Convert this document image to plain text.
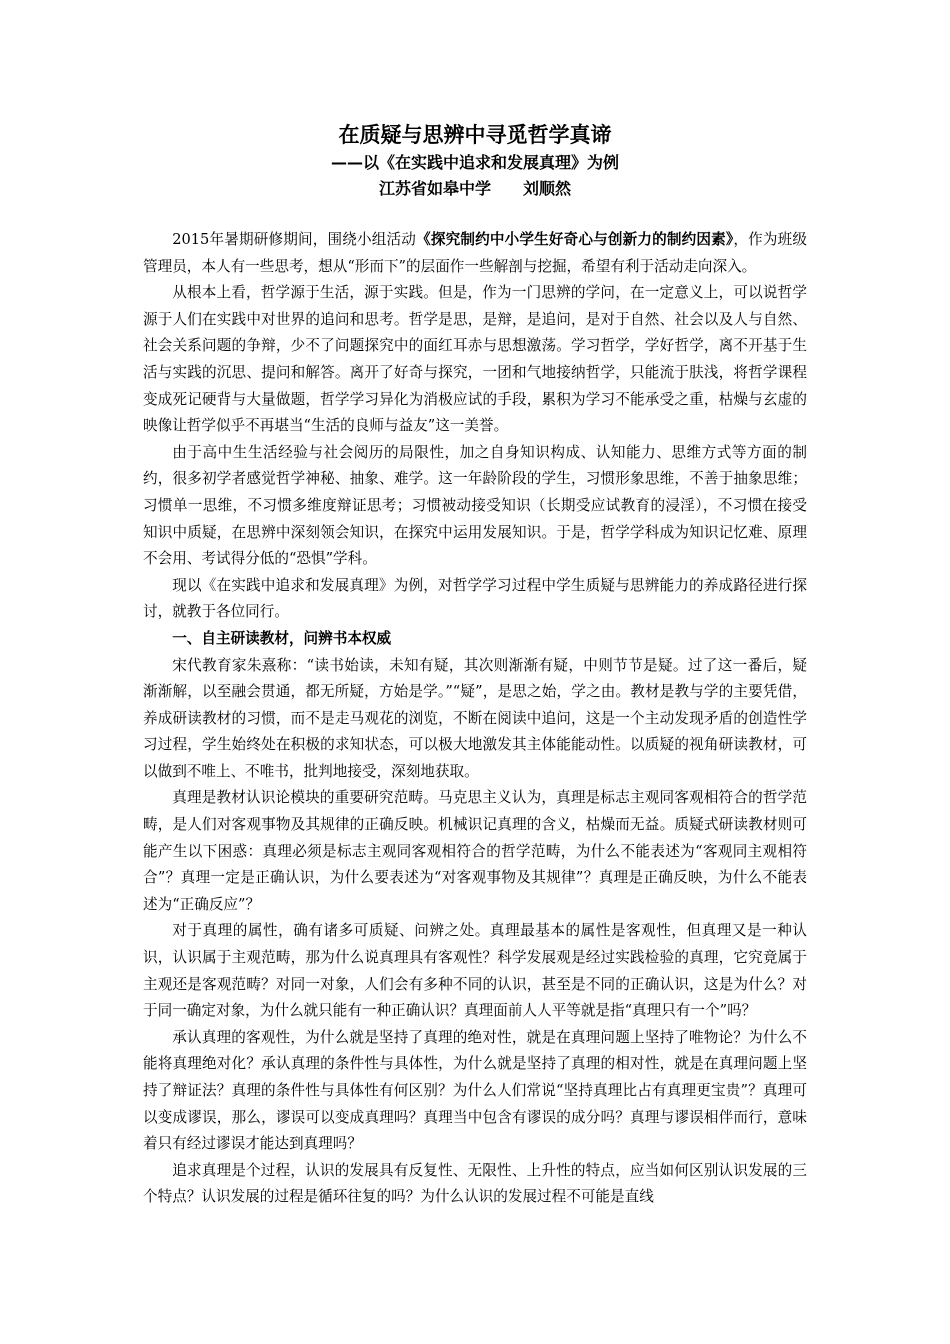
在质疑与思辨中寻觅哲学真谛
——以《在实践中追求和发展真理》为例
江苏省如皋中学　　刘顺然

2015年暑期研修期间，围绕小组活动《探究制约中小学生好奇心与创新力的制约因素》，作为班级管理员，本人有一些思考，想从“形而下”的层面作一些解剖与挖掘，希望有利于活动走向深入。

从根本上看，哲学源于生活，源于实践。但是，作为一门思辨的学问，在一定意义上，可以说哲学源于人们在实践中对世界的追问和思考。哲学是思，是辩，是追问，是对于自然、社会以及人与自然、社会关系问题的争辩，少不了问题探究中的面红耳赤与思想激荡。学习哲学，学好哲学，离不开基于生活与实践的沉思、提问和解答。离开了好奇与探究，一团和气地接纳哲学，只能流于肤浅，将哲学课程变成死记硬背与大量做题，哲学学习异化为消极应试的手段，累积为学习不能承受之重，枯燥与玄虚的映像让哲学似乎不再堪当“生活的良师与益友”这一美誉。

由于高中生生活经验与社会阅历的局限性，加之自身知识构成、认知能力、思维方式等方面的制约，很多初学者感觉哲学神秘、抽象、难学。这一年龄阶段的学生，习惯形象思维，不善于抽象思维；习惯单一思维，不习惯多维度辩证思考；习惯被动接受知识（长期受应试教育的浸淫），不习惯在接受知识中质疑，在思辨中深刻领会知识，在探究中运用发展知识。于是，哲学学科成为知识记忆难、原理不会用、考试得分低的“恐惧”学科。

现以《在实践中追求和发展真理》为例，对哲学学习过程中学生质疑与思辨能力的养成路径进行探讨，就教于各位同行。

一、自主研读教材，问辨书本权威

宋代教育家朱熹称：“读书始读，未知有疑，其次则渐渐有疑，中则节节是疑。过了这一番后，疑渐渐解，以至融会贯通，都无所疑，方始是学。”“疑”，是思之始，学之由。教材是教与学的主要凭借，养成研读教材的习惯，而不是走马观花的浏览，不断在阅读中追问，这是一个主动发现矛盾的创造性学习过程，学生始终处在积极的求知状态，可以极大地激发其主体能能动性。以质疑的视角研读教材，可以做到不唯上、不唯书，批判地接受，深刻地获取。

真理是教材认识论模块的重要研究范畴。马克思主义认为，真理是标志主观同客观相符合的哲学范畴，是人们对客观事物及其规律的正确反映。机械识记真理的含义，枯燥而无益。质疑式研读教材则可能产生以下困惑：真理必须是标志主观同客观相符合的哲学范畴，为什么不能表述为“客观同主观相符合”？真理一定是正确认识，为什么要表述为“对客观事物及其规律”？真理是正确反映，为什么不能表述为“正确反应”？

对于真理的属性，确有诸多可质疑、问辨之处。真理最基本的属性是客观性，但真理又是一种认识，认识属于主观范畴，那为什么说真理具有客观性？科学发展观是经过实践检验的真理，它究竟属于主观还是客观范畴？对同一对象，人们会有多种不同的认识，甚至是不同的正确认识，这是为什么？对于同一确定对象，为什么就只能有一种正确认识？真理面前人人平等就是指“真理只有一个”吗？

承认真理的客观性，为什么就是坚持了真理的绝对性，就是在真理问题上坚持了唯物论？为什么不能将真理绝对化？承认真理的条件性与具体性，为什么就是坚持了真理的相对性，就是在真理问题上坚持了辩证法？真理的条件性与具体性有何区别？为什么人们常说“坚持真理比占有真理更宝贵”？真理可以变成谬误，那么，谬误可以变成真理吗？真理当中包含有谬误的成分吗？真理与谬误相伴而行，意味着只有经过谬误才能达到真理吗？

追求真理是个过程，认识的发展具有反复性、无限性、上升性的特点，应当如何区别认识发展的三个特点？认识发展的过程是循环往复的吗？为什么认识的发展过程不可能是直线
